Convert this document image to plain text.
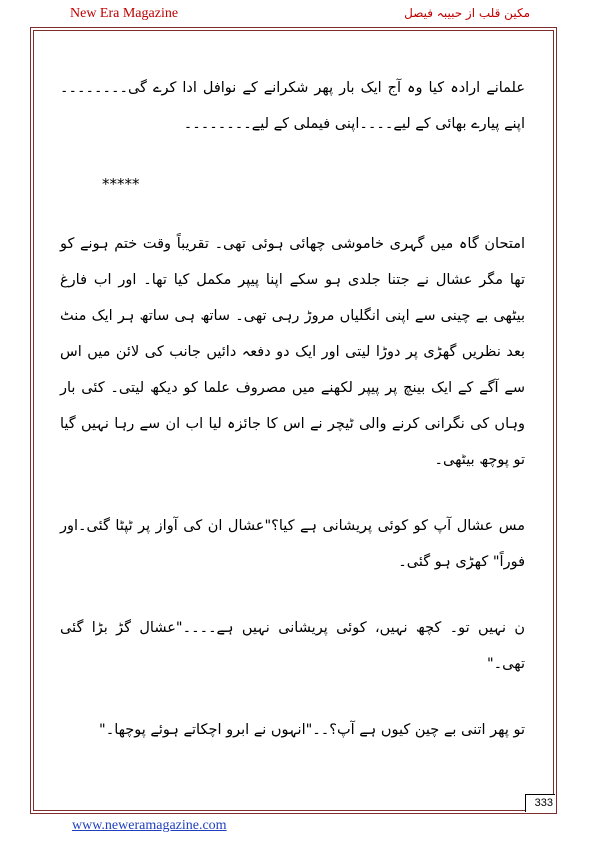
New Era Magazine	مکین قلب از حبیبہ فیصل

علمانے ارادہ کیا وہ آج ایک بار پھر شکرانے کے نوافل ادا کرے گی۔۔۔۔۔۔۔۔اپنے پیارے بھائی کے لیے۔۔۔۔اپنی فیملی کے لیے۔۔۔۔۔۔۔۔

*****

امتحان گاہ میں گہری خاموشی چھائی ہوئی تھی۔ تقریباً وقت ختم ہونے کو تھا مگر عشال نے جتنا جلدی ہو سکے اپنا پیپر مکمل کیا تھا۔ اور اب فارغ بیٹھی بے چینی سے اپنی انگلیاں مروڑ رہی تھی۔ ساتھ ہی ساتھ ہر ایک منٹ بعد نظریں گھڑی پر دوڑا لیتی اور ایک دو دفعہ دائیں جانب کی لائن میں اس سے آگے کے ایک بینچ پر پیپر لکھنے میں مصروف علما کو دیکھ لیتی۔ کئی بار وہاں کی نگرانی کرنے والی ٹیچر نے اس کا جائزہ لیا اب ان سے رہا نہیں گیا تو پوچھ بیٹھی۔

مس عشال آپ کو کوئی پریشانی ہے کیا؟"عشال ان کی آواز پر ٹپٹا گئی۔اور فوراً" کھڑی ہو گئی۔

ن نہیں تو۔ کچھ نہیں، کوئی پریشانی نہیں ہے۔۔۔۔"عشال گڑ بڑا گئی تھی۔"

تو پھر اتنی بے چین کیوں ہے آپ؟۔۔"انہوں نے ابرو اچکاتے ہوئے پوچھا۔"

333
www.neweramagazine.com
